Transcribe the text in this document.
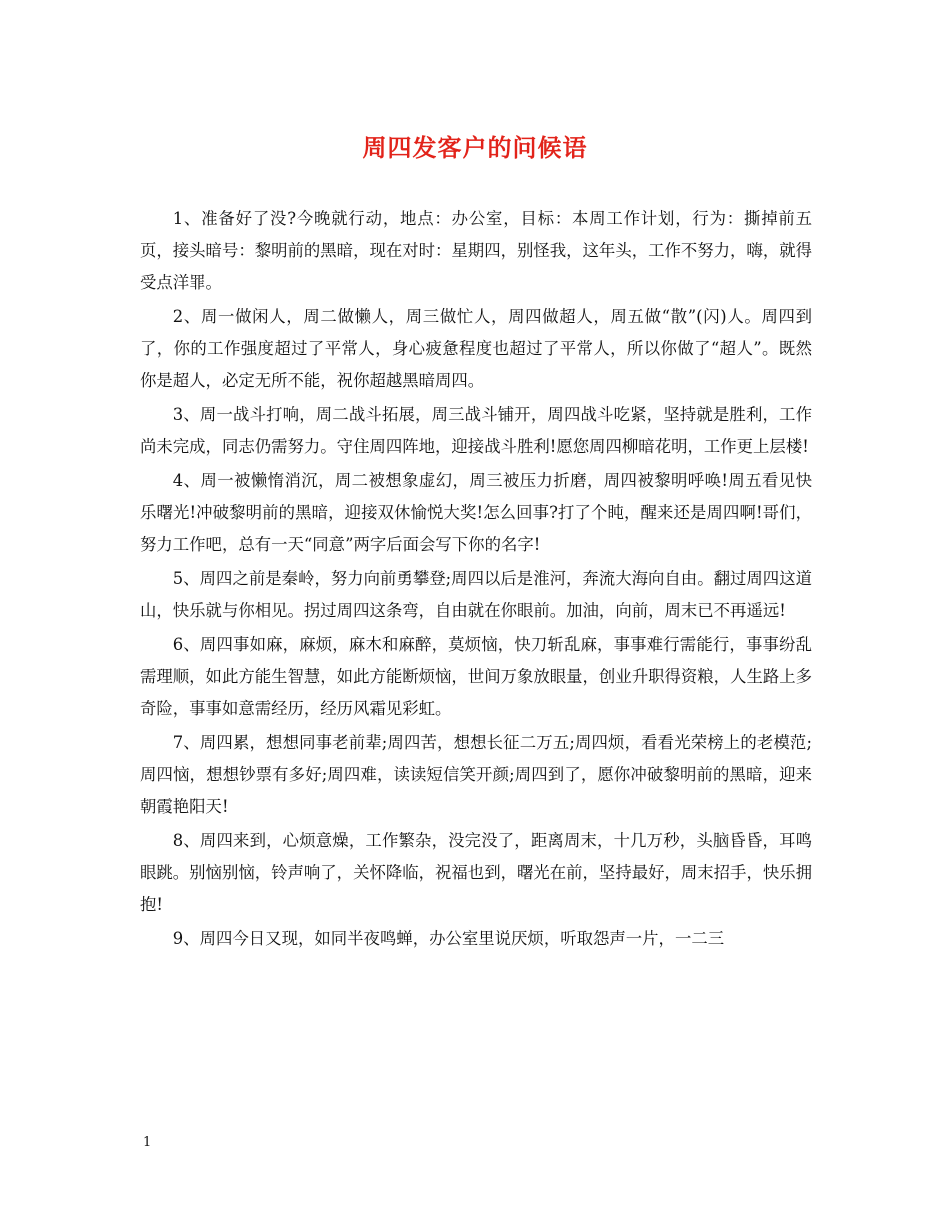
周四发客户的问候语

1、准备好了没?今晚就行动，地点：办公室，目标：本周工作计划，行为：撕掉前五页，接头暗号：黎明前的黑暗，现在对时：星期四，别怪我，这年头，工作不努力，嗨，就得受点洋罪。

2、周一做闲人，周二做懒人，周三做忙人，周四做超人，周五做“散”(闪)人。周四到了，你的工作强度超过了平常人，身心疲惫程度也超过了平常人，所以你做了“超人”。既然你是超人，必定无所不能，祝你超越黑暗周四。

3、周一战斗打响，周二战斗拓展，周三战斗铺开，周四战斗吃紧，坚持就是胜利，工作尚未完成，同志仍需努力。守住周四阵地，迎接战斗胜利!愿您周四柳暗花明，工作更上层楼!

4、周一被懒惰消沉，周二被想象虚幻，周三被压力折磨，周四被黎明呼唤!周五看见快乐曙光!冲破黎明前的黑暗，迎接双休愉悦大奖!怎么回事?打了个盹，醒来还是周四啊!哥们，努力工作吧，总有一天“同意”两字后面会写下你的名字!

5、周四之前是秦岭，努力向前勇攀登;周四以后是淮河，奔流大海向自由。翻过周四这道山，快乐就与你相见。拐过周四这条弯，自由就在你眼前。加油，向前，周末已不再遥远!

6、周四事如麻，麻烦，麻木和麻醉，莫烦恼，快刀斩乱麻，事事难行需能行，事事纷乱需理顺，如此方能生智慧，如此方能断烦恼，世间万象放眼量，创业升职得资粮，人生路上多奇险，事事如意需经历，经历风霜见彩虹。

7、周四累，想想同事老前辈;周四苦，想想长征二万五;周四烦，看看光荣榜上的老模范;周四恼，想想钞票有多好;周四难，读读短信笑开颜;周四到了，愿你冲破黎明前的黑暗，迎来朝霞艳阳天!

8、周四来到，心烦意燥，工作繁杂，没完没了，距离周末，十几万秒，头脑昏昏，耳鸣眼跳。别恼别恼，铃声响了，关怀降临，祝福也到，曙光在前，坚持最好，周末招手，快乐拥抱!

9、周四今日又现，如同半夜鸣蝉，办公室里说厌烦，听取怨声一片，一二三

1
